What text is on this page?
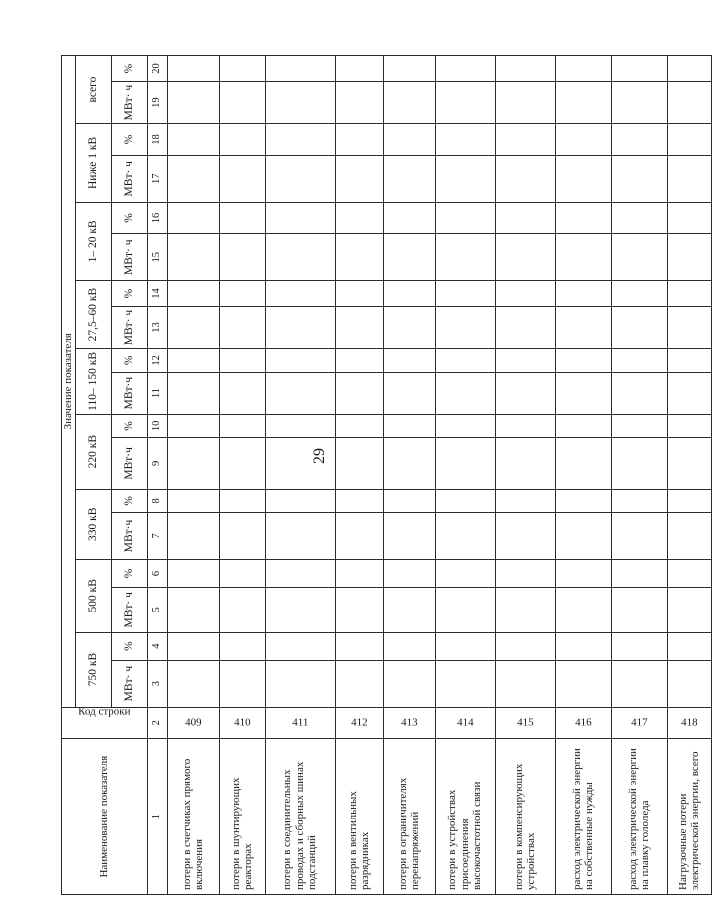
29
Наименование показателя	Код строки	Значение показателя																	
		750 кВ		500 кВ		330 кВ		220 кВ		110– 150 кВ		27,5–60 кВ		1– 20 кВ		Ниже 1 кВ		всего	
		МВт· ч	%	МВт· ч	%	МВт·ч	%	МВт·ч	%	МВт·ч	%	МВт· ч	%	МВт· ч	%	МВт· ч	%	МВт· ч	%
1	2	3	4	5	6	7	8	9	10	11	12	13	14	15	16	17	18	19	20
потери в счетчиках прямого включения	409																		
потери в шунтирующих реакторах	410																		
потери в соединительных проводах и сборных шинах подстанций	411																		
потери в вентильных разрядниках	412																		
потери в ограничителях перенапряжений	413																		
потери в устройствах присоединения высокочастотной связи	414																		
потери в компенсирующих устройствах	415																		
расход электрической энергии на собственные нужды	416																		
расход электрической энергии на плавку гололеда	417																		
Нагрузочные потери электрической энергии, всего	418																		
